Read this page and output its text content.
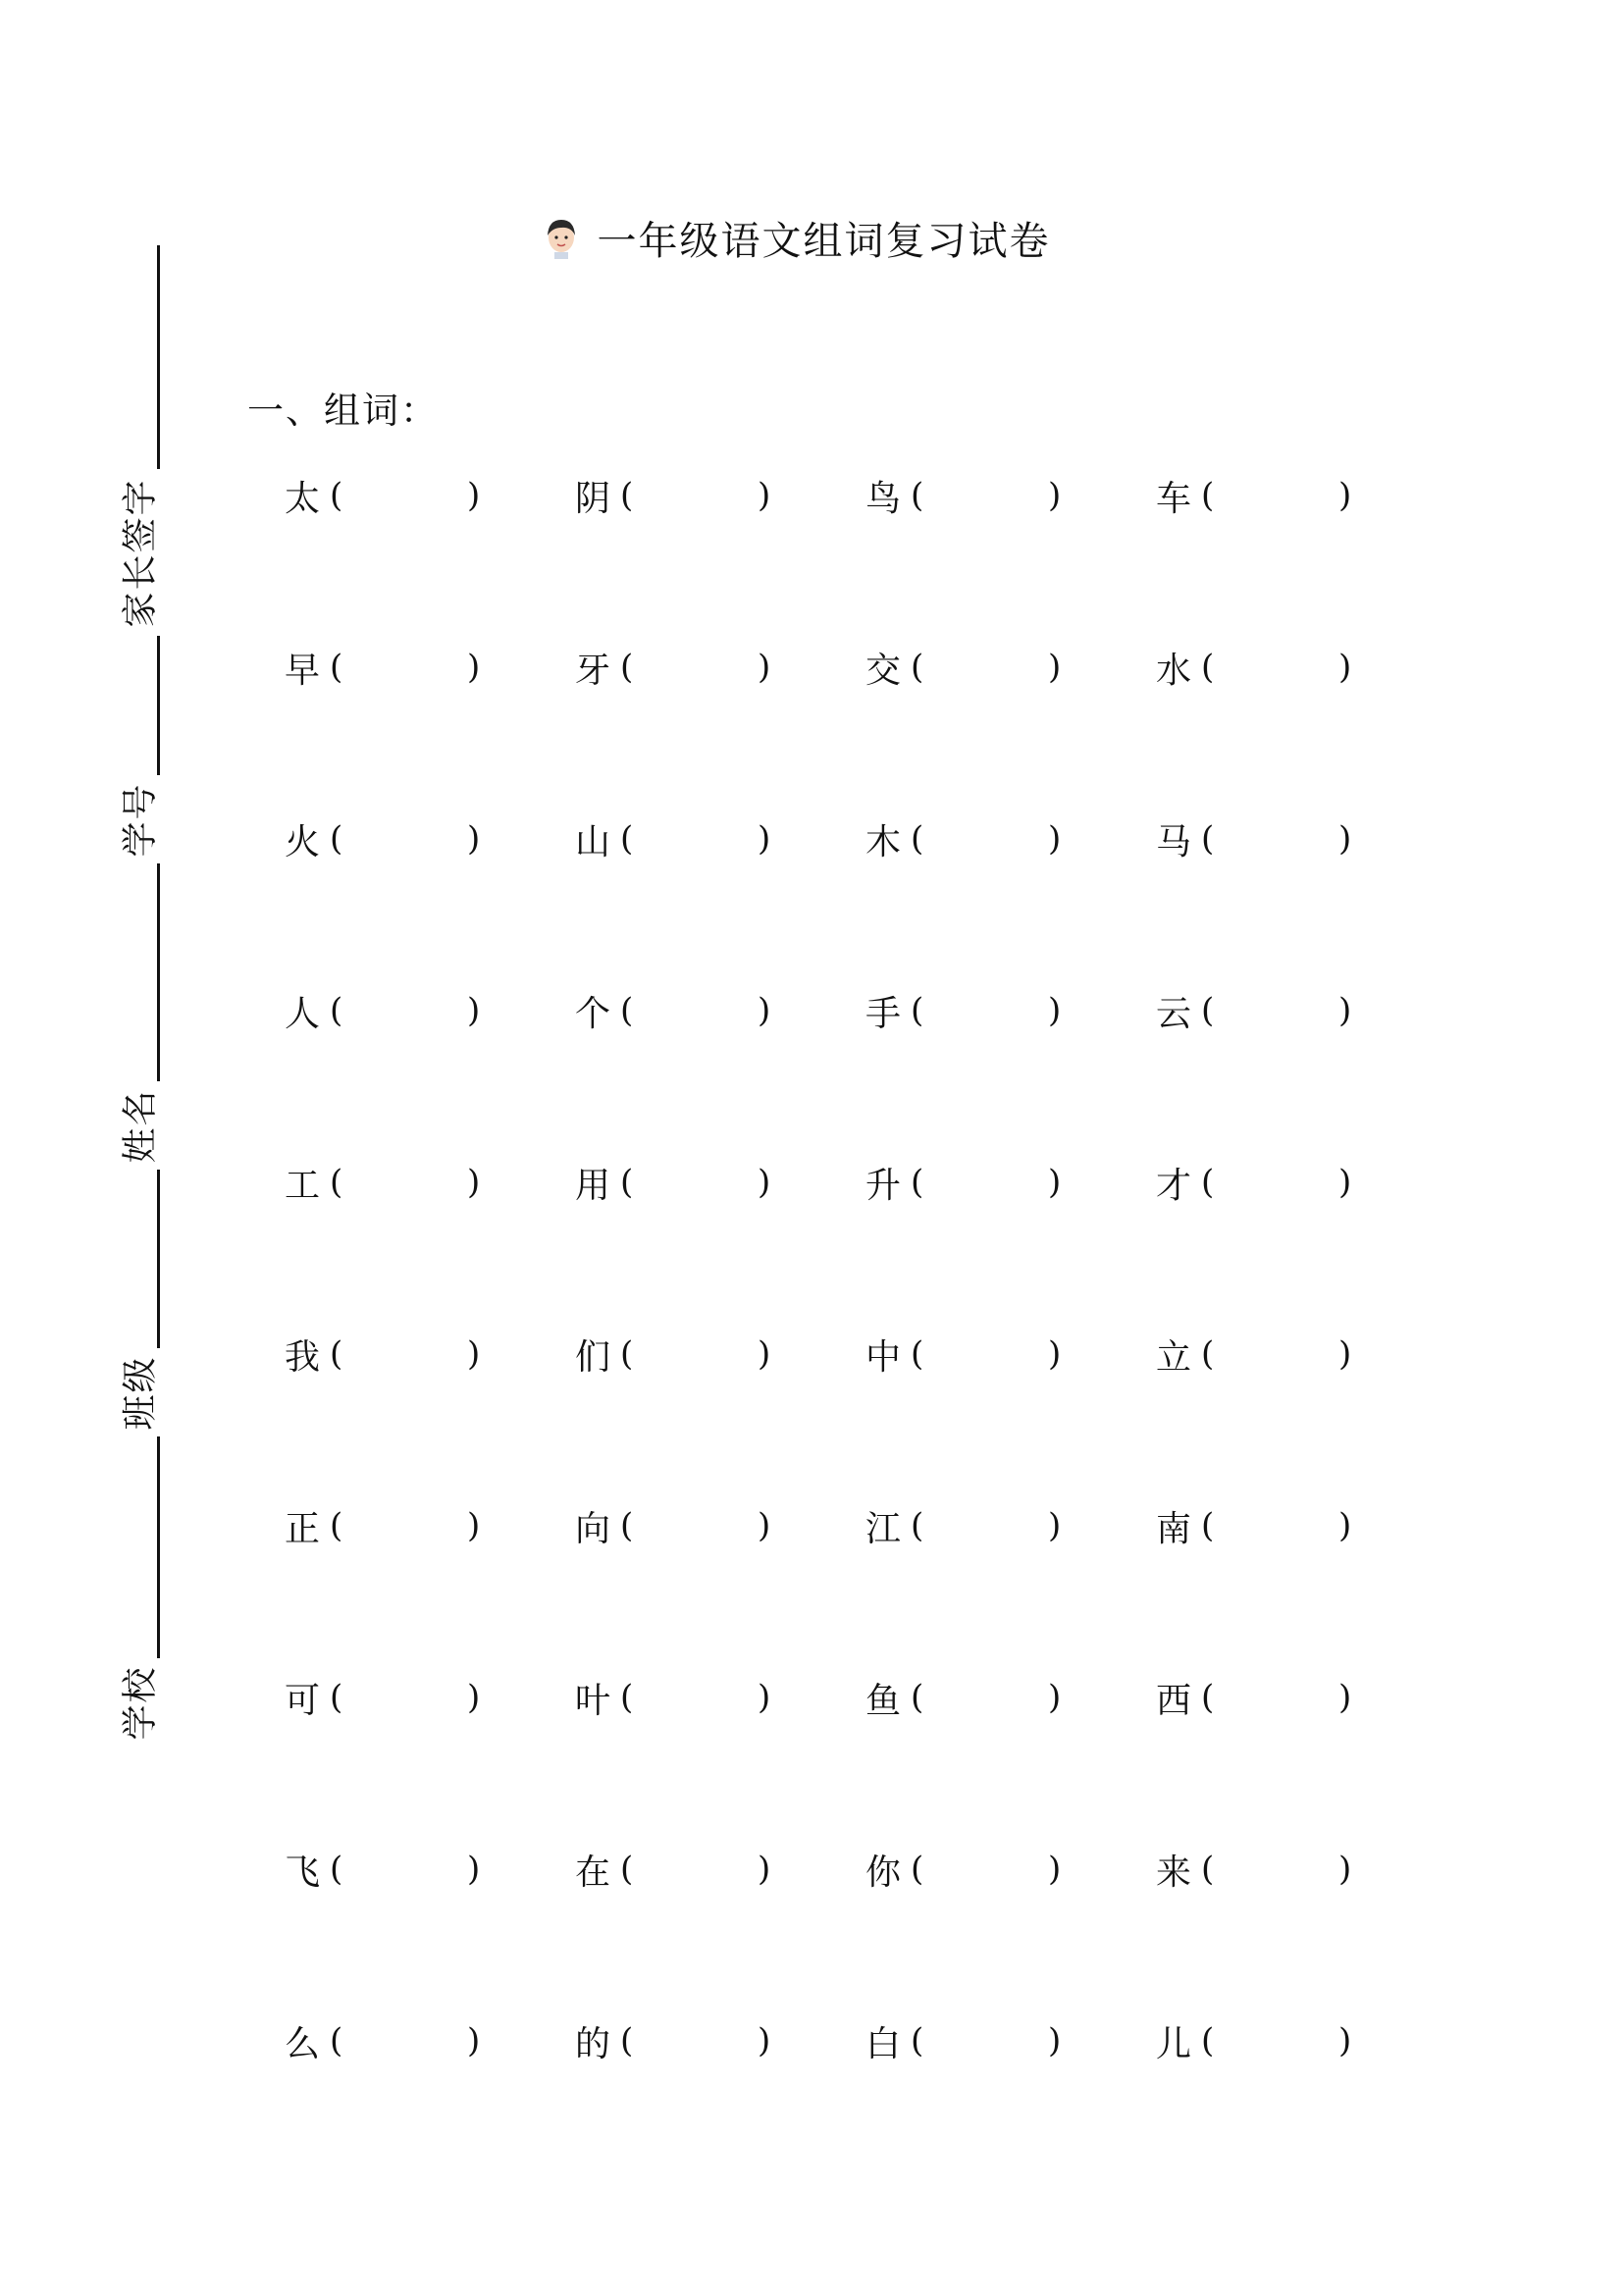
家长签字
学号
姓名
班级
学校
一年级语文组词复习试卷
一、组词：
太 (	)	阴 (	)	鸟 (	)	车 (	)
早 (	)	牙 (	)	交 (	)	水 (	)
火 (	)	山 (	)	木 (	)	马 (	)
人 (	)	个 (	)	手 (	)	云 (	)
工 (	)	用 (	)	升 (	)	才 (	)
我 (	)	们 (	)	中 (	)	立 (	)
正 (	)	向 (	)	江 (	)	南 (	)
可 (	)	叶 (	)	鱼 (	)	西 (	)
飞 (	)	在 (	)	你 (	)	来 (	)
么 (	)	的 (	)	白 (	)	儿 (	)
